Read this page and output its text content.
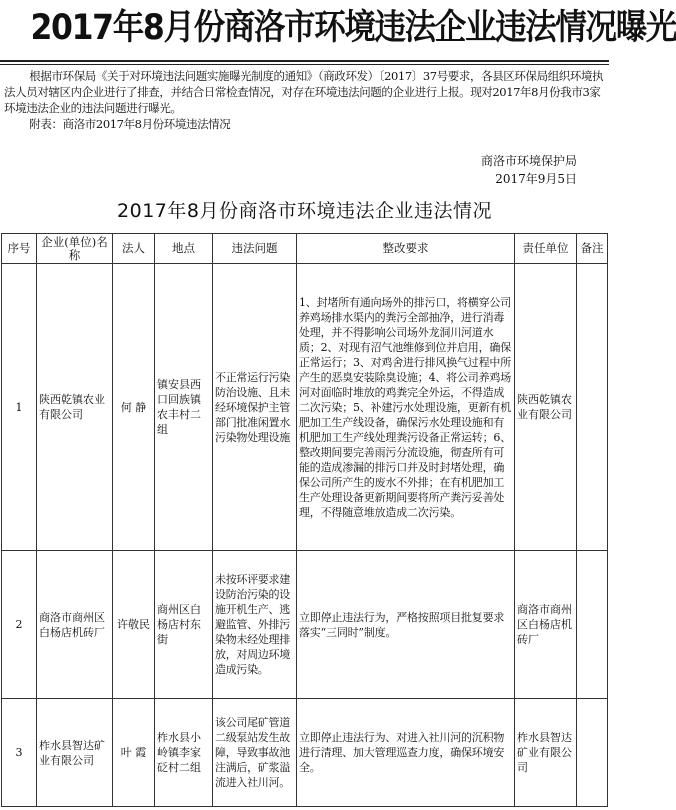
2017年8月份商洛市环境违法企业违法情况曝光

根据市环保局《关于对环境违法问题实施曝光制度的通知》（商政环发）〔2017〕37号要求，各县区环保局组织环境执法人员对辖区内企业进行了排查，并结合日常检查情况，对存在环境违法问题的企业进行上报。现对2017年8月份我市3家环境违法企业的违法问题进行曝光。

附表：商洛市2017年8月份环境违法情况

商洛市环境保护局
2017年9月5日
2017年8月份商洛市环境违法企业违法情况
序号	企业(单位)名称	法人	地点	违法问题	整改要求	责任单位	备注
1	陕西乾镇农业有限公司	何 静	镇安县西口回族镇农丰村二组	不正常运行污染防治设施、且未经环境保护主管部门批准闲置水污染物处理设施	1、封堵所有通向场外的排污口，将横穿公司养鸡场排水渠内的粪污全部抽净，进行消毒处理，并不得影响公司场外龙洞川河道水质；2、对现有沼气池维修到位并启用，确保正常运行；3、对鸡舍进行排风换气过程中所产生的恶臭安装除臭设施；4、将公司养鸡场河对面临时堆放的鸡粪完全外运，不得造成二次污染；5、补建污水处理设施，更新有机肥加工生产线设备，确保污水处理设施和有机肥加工生产线处理粪污设备正常运转；6、整改期间要完善雨污分流设施，彻查所有可能的造成渗漏的排污口并及时封堵处理，确保公司所产生的废水不外排；在有机肥加工生产处理设备更新期间要将所产粪污妥善处理，不得随意堆放造成二次污染。	陕西乾镇农业有限公司	
2	商洛市商州区白杨店机砖厂	许敬民	商州区白杨店村东街	未按环评要求建设防治污染的设施开机生产、逃避监管、外排污染物未经处理排放，对周边环境造成污染。	立即停止违法行为，严格按照项目批复要求落实“三同时”制度。	商洛市商州区白杨店机砖厂	
3	柞水县智达矿业有限公司	叶 霞	柞水县小岭镇李家砭村二组	该公司尾矿管道二级泵站发生故障，导致事故池注满后，矿浆溢流进入社川河。	立即停止违法行为、对进入社川河的沉积物进行清理、加大管理巡查力度，确保环境安全。	柞水县智达矿业有限公司	
